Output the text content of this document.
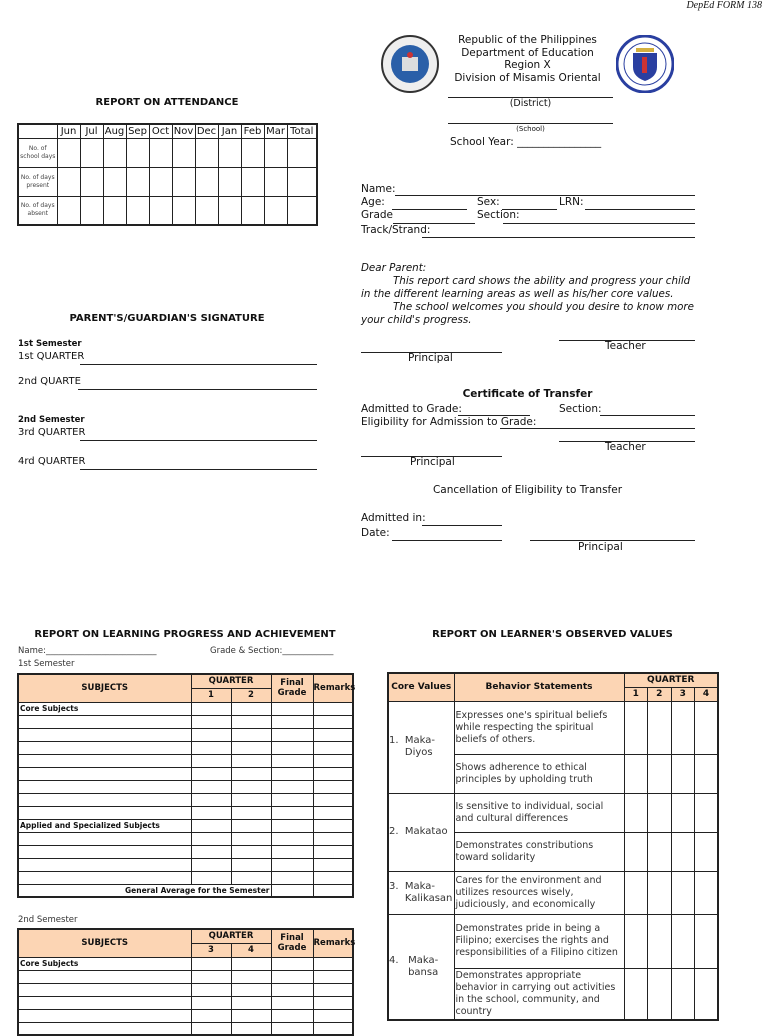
DepEd FORM 138
Republic of the Philippines
Department of Education
Region X
Division of Misamis Oriental
(District)
(School)
School Year: ________________
REPORT ON ATTENDANCE
	Jun	Jul	Aug	Sep	Oct	Nov	Dec	Jan	Feb	Mar	Total
No. of school days											
No. of days present											
No. of days absent											
Name:
Age:	Sex:	LRN:
Grade	Section:
Track/Strand:
Dear Parent:
This report card shows the ability and progress your child
in the different learning areas as well as his/her core values.
The school welcomes you should you desire to know more
your child's progress.
Teacher
Principal
PARENT'S/GUARDIAN'S SIGNATURE
1st Semester
1st QUARTER
2nd QUARTE
2nd Semester
3rd QUARTER
4rd QUARTER
Certificate of Transfer
Admitted to Grade:	Section:
Eligibility for Admission to Grade:
Teacher
Principal
Cancellation of Eligibility to Transfer
Admitted in:
Date:
Principal
REPORT ON LEARNING PROGRESS AND ACHIEVEMENT
Name:__________________________	Grade & Section:____________
1st Semester
SUBJECTS	QUARTER		Final Grade	Remarks
	1	2		
Core Subjects				

Applied and Specialized Subjects				

General Average for the Semester				
2nd Semester
SUBJECTS	QUARTER		Final Grade	Remarks
	3	4		
Core Subjects				

REPORT ON LEARNER'S OBSERVED VALUES
Core Values	Behavior Statements	QUARTER			
		1	2	3	4
1.  Maka-
Diyos	Expresses one's spiritual beliefs while respecting the spiritual beliefs of others.				
	Shows adherence to ethical principles by upholding truth				
2.  Makatao	Is sensitive to individual, social and cultural differences				
	Demonstrates constributions toward solidarity				
3.  Maka-
Kalikasan	Cares for the environment and utilizes resources wisely, judiciously, and economically				
4.   Maka-
bansa	Demonstrates pride in being a Filipino; exercises the rights and responsibilities of a Filipino citizen				
	Demonstrates appropriate behavior in carrying out activities in the school, community, and country				
